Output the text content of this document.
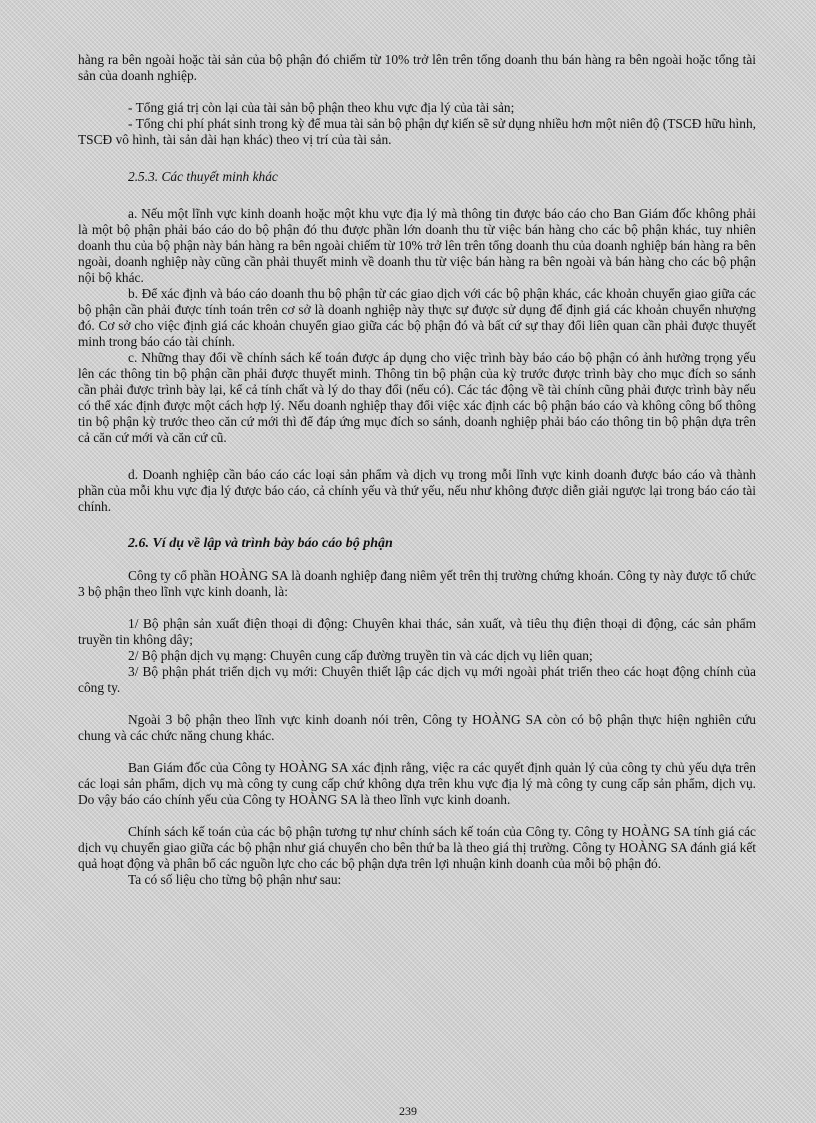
hàng ra bên ngoài hoặc tài sản của bộ phận đó chiếm từ 10% trở lên trên tổng doanh thu bán hàng ra bên ngoài hoặc tổng tài sản của doanh nghiệp.

- Tổng giá trị còn lại của tài sản bộ phận theo khu vực địa lý của tài sản;

- Tổng chi phí phát sinh trong kỳ để mua tài sản bộ phận dự kiến sẽ sử dụng nhiều hơn một niên độ (TSCĐ hữu hình, TSCĐ vô hình, tài sản dài hạn khác) theo vị trí của tài sản.

2.5.3. Các thuyết minh khác

a. Nếu một lĩnh vực kinh doanh hoặc một khu vực địa lý mà thông tin được báo cáo cho Ban Giám đốc không phải là một bộ phận phải báo cáo do bộ phận đó thu được phần lớn doanh thu từ việc bán hàng cho các bộ phận khác, tuy nhiên doanh thu của bộ phận này bán hàng ra bên ngoài chiếm từ 10% trở lên trên tổng doanh thu của doanh nghiệp bán hàng ra bên ngoài, doanh nghiệp này cũng cần phải thuyết minh về doanh thu từ việc bán hàng ra bên ngoài và bán hàng cho các bộ phận nội bộ khác.

b. Để xác định và báo cáo doanh thu bộ phận từ các giao dịch với các bộ phận khác, các khoản chuyển giao giữa các bộ phận cần phải được tính toán trên cơ sở là doanh nghiệp này thực sự được sử dụng để định giá các khoản chuyển nhượng đó. Cơ sở cho việc định giá các khoản chuyển giao giữa các bộ phận đó và bất cứ sự thay đổi liên quan cần phải được thuyết minh trong báo cáo tài chính.

c. Những thay đổi về chính sách kế toán được áp dụng cho việc trình bày báo cáo bộ phận có ảnh hưởng trọng yếu lên các thông tin bộ phận cần phải được thuyết minh. Thông tin bộ phận của kỳ trước được trình bày cho mục đích so sánh cần phải được trình bày lại, kể cả tính chất và lý do thay đổi (nếu có). Các tác động về tài chính cũng phải được trình bày nếu có thể xác định được một cách hợp lý. Nếu doanh nghiệp thay đổi việc xác định các bộ phận báo cáo và không công bố thông tin bộ phận kỳ trước theo căn cứ mới thì để đáp ứng mục đích so sánh, doanh nghiệp phải báo cáo thông tin bộ phận dựa trên cả căn cứ mới và căn cứ cũ.

d. Doanh nghiệp cần báo cáo các loại sản phẩm và dịch vụ trong mỗi lĩnh vực kinh doanh được báo cáo và thành phần của mỗi khu vực địa lý được báo cáo, cả chính yếu và thứ yếu, nếu như không được diễn giải ngược lại trong báo cáo tài chính.

2.6. Ví dụ về lập và trình bày báo cáo bộ phận

Công ty cổ phần HOÀNG SA là doanh nghiệp đang niêm yết trên thị trường chứng khoán. Công ty này được tổ chức 3 bộ phận theo lĩnh vực kinh doanh, là:

1/ Bộ phận sản xuất điện thoại di động: Chuyên khai thác, sản xuất, và tiêu thụ điện thoại di động, các sản phẩm truyền tin không dây;

2/ Bộ phận dịch vụ mạng: Chuyên cung cấp đường truyền tin và các dịch vụ liên quan;

3/ Bộ phận phát triển dịch vụ mới: Chuyên thiết lập các dịch vụ mới ngoài phát triển theo các hoạt động chính của công ty.

Ngoài 3 bộ phận theo lĩnh vực kinh doanh nói trên, Công ty HOÀNG SA còn có bộ phận thực hiện nghiên cứu chung và các chức năng chung khác.

Ban Giám đốc của Công ty HOÀNG SA xác định rằng, việc ra các quyết định quản lý của công ty chủ yếu dựa trên các loại sản phẩm, dịch vụ mà công ty cung cấp chứ không dựa trên khu vực địa lý mà công ty cung cấp sản phẩm, dịch vụ. Do vậy báo cáo chính yếu của Công ty HOÀNG SA là theo lĩnh vực kinh doanh.

Chính sách kế toán của các bộ phận tương tự như chính sách kế toán của Công ty. Công ty HOÀNG SA tính giá các dịch vụ chuyển giao giữa các bộ phận như giá chuyển cho bên thứ ba là theo giá thị trường. Công ty HOÀNG SA đánh giá kết quả hoạt động và phân bổ các nguồn lực cho các bộ phận dựa trên lợi nhuận kinh doanh của mỗi bộ phận đó.

Ta có số liệu cho từng bộ phận như sau:

239
